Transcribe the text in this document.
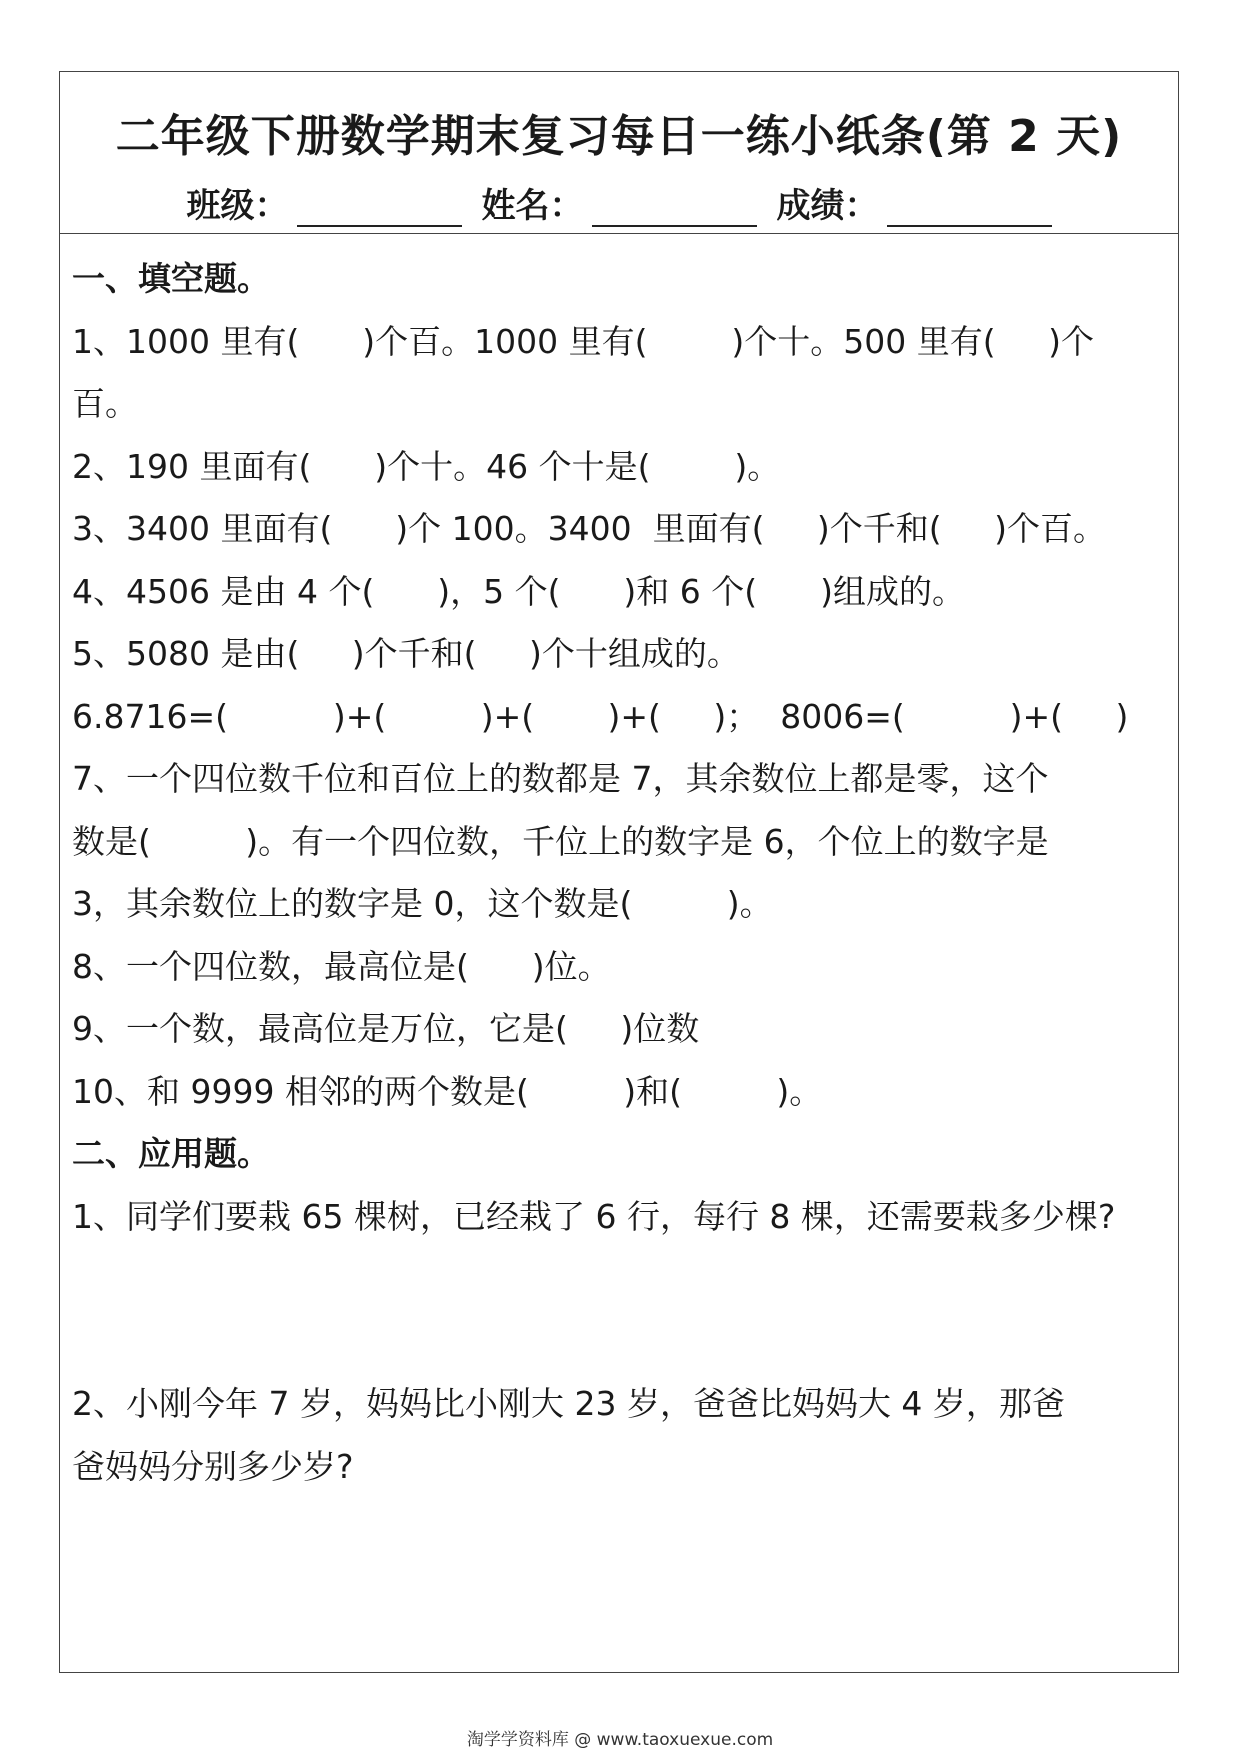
二年级下册数学期末复习每日一练小纸条(第 2 天)
班级：	姓名：	成绩：
一、填空题。
1、1000 里有(      )个百。1000 里有(        )个十。500 里有(     )个
百。
2、190 里面有(      )个十。46 个十是(        )。
3、3400 里面有(      )个 100。3400  里面有(     )个千和(     )个百。
4、4506 是由 4 个(      )，5 个(      )和 6 个(      )组成的。
5、5080 是由(     )个千和(     )个十组成的。
6.8716=(          )+(         )+(       )+(     )；  8006=(          )+(     )
7、一个四位数千位和百位上的数都是 7，其余数位上都是零，这个
数是(         )。有一个四位数，千位上的数字是 6，个位上的数字是
3，其余数位上的数字是 0，这个数是(         )。
8、一个四位数，最高位是(      )位。
9、一个数，最高位是万位，它是(     )位数
10、和 9999 相邻的两个数是(         )和(         )。
二、应用题。
1、同学们要栽 65 棵树，已经栽了 6 行，每行 8 棵，还需要栽多少棵?
2、小刚今年 7 岁，妈妈比小刚大 23 岁，爸爸比妈妈大 4 岁，那爸
爸妈妈分别多少岁?
淘学学资料库 @ www.taoxuexue.com
